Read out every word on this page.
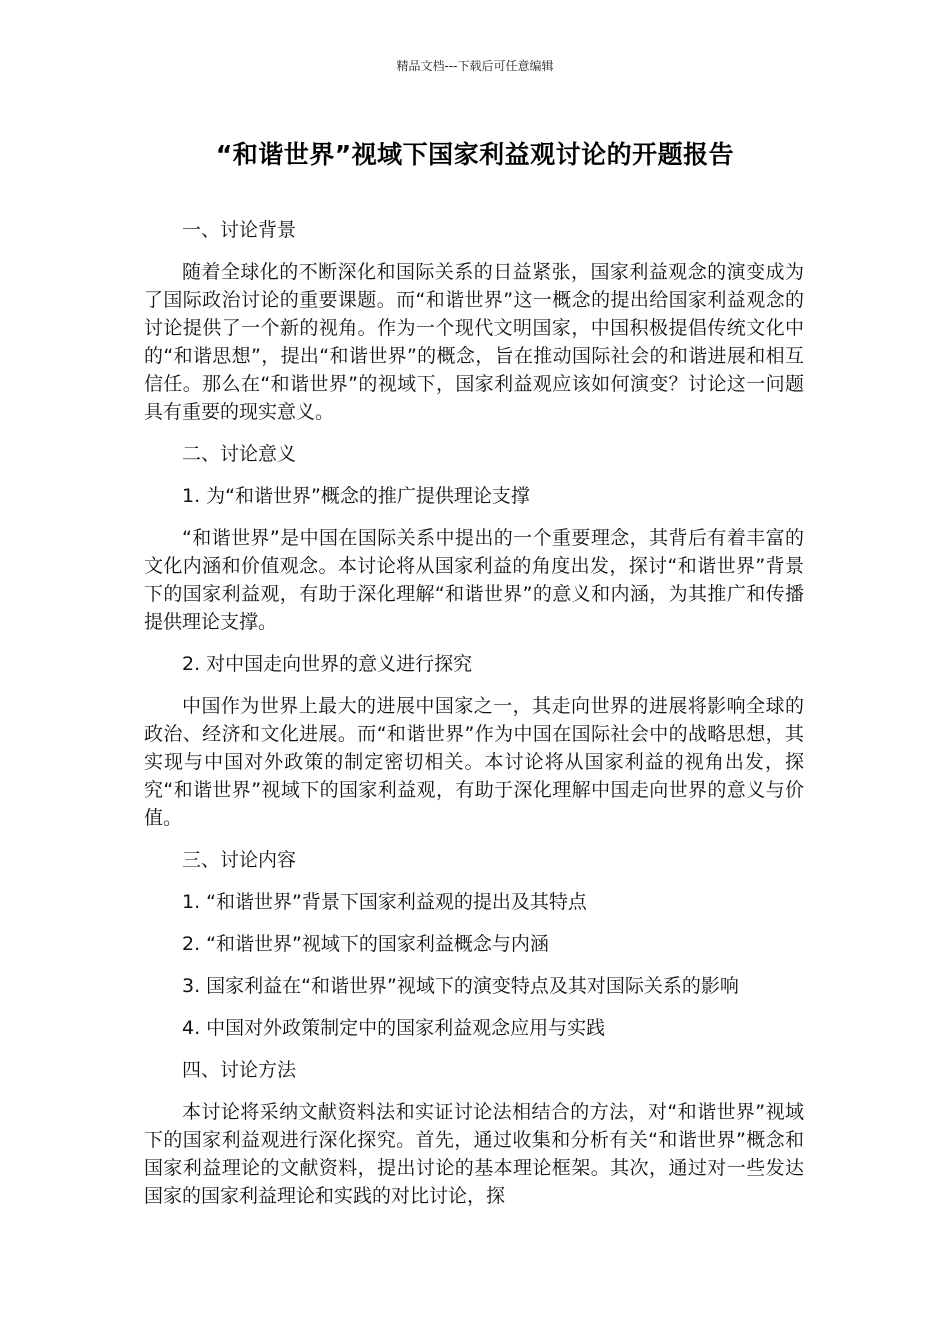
精品文档---下载后可任意编辑
“和谐世界”视域下国家利益观讨论的开题报告

一、讨论背景

随着全球化的不断深化和国际关系的日益紧张，国家利益观念的演变成为了国际政治讨论的重要课题。而“和谐世界”这一概念的提出给国家利益观念的讨论提供了一个新的视角。作为一个现代文明国家，中国积极提倡传统文化中的“和谐思想”，提出“和谐世界”的概念，旨在推动国际社会的和谐进展和相互信任。那么在“和谐世界”的视域下，国家利益观应该如何演变？讨论这一问题具有重要的现实意义。

二、讨论意义

1. 为“和谐世界”概念的推广提供理论支撑

“和谐世界”是中国在国际关系中提出的一个重要理念，其背后有着丰富的文化内涵和价值观念。本讨论将从国家利益的角度出发，探讨“和谐世界”背景下的国家利益观，有助于深化理解“和谐世界”的意义和内涵，为其推广和传播提供理论支撑。

2. 对中国走向世界的意义进行探究

中国作为世界上最大的进展中国家之一，其走向世界的进展将影响全球的政治、经济和文化进展。而“和谐世界”作为中国在国际社会中的战略思想，其实现与中国对外政策的制定密切相关。本讨论将从国家利益的视角出发，探究“和谐世界”视域下的国家利益观，有助于深化理解中国走向世界的意义与价值。

三、讨论内容

1. “和谐世界”背景下国家利益观的提出及其特点

2. “和谐世界”视域下的国家利益概念与内涵

3. 国家利益在“和谐世界”视域下的演变特点及其对国际关系的影响

4. 中国对外政策制定中的国家利益观念应用与实践

四、讨论方法

本讨论将采纳文献资料法和实证讨论法相结合的方法，对“和谐世界”视域下的国家利益观进行深化探究。首先，通过收集和分析有关“和谐世界”概念和国家利益理论的文献资料，提出讨论的基本理论框架。其次，通过对一些发达国家的国家利益理论和实践的对比讨论，探
